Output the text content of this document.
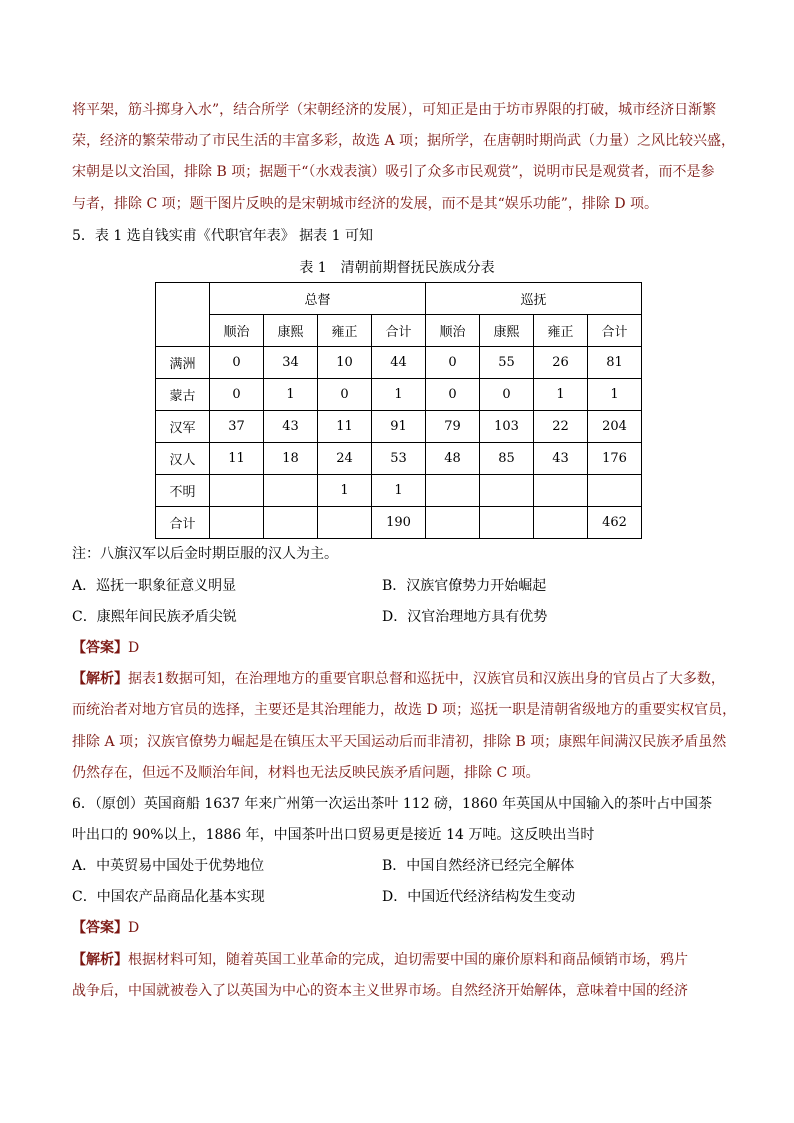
将平架，筋斗掷身入水”，结合所学（宋朝经济的发展），可知正是由于坊市界限的打破，城市经济日渐繁
荣，经济的繁荣带动了市民生活的丰富多彩，故选 A 项；据所学，在唐朝时期尚武（力量）之风比较兴盛，
宋朝是以文治国，排除 B 项；据题干“（水戏表演）吸引了众多市民观赏”，说明市民是观赏者，而不是参
与者，排除 C 项；题干图片反映的是宋朝城市经济的发展，而不是其“娱乐功能”，排除 D 项。
5．表 1 选自钱实甫《代职官年表》 据表 1 可知
表 1　清朝前期督抚民族成分表
	总督				巡抚			
	顺治	康熙	雍正	合计	顺治	康熙	雍正	合计
满洲	0	34	10	44	0	55	26	81
蒙古	0	1	0	1	0	0	1	1
汉军	37	43	11	91	79	103	22	204
汉人	11	18	24	53	48	85	43	176
不明			1	1				
合计				190				462
注：八旗汉军以后金时期臣服的汉人为主。
A．巡抚一职象征意义明显	B．汉族官僚势力开始崛起
C．康熙年间民族矛盾尖锐	D．汉官治理地方具有优势
【答案】D
【解析】据表1数据可知，在治理地方的重要官职总督和巡抚中，汉族官员和汉族出身的官员占了大多数，
而统治者对地方官员的选择，主要还是其治理能力，故选 D 项；巡抚一职是清朝省级地方的重要实权官员，
排除 A 项；汉族官僚势力崛起是在镇压太平天国运动后而非清初，排除 B 项；康熙年间满汉民族矛盾虽然
仍然存在，但远不及顺治年间，材料也无法反映民族矛盾问题，排除 C 项。
6．（原创）英国商船 1637 年来广州第一次运出茶叶 112 磅，1860 年英国从中国输入的茶叶占中国茶
叶出口的 90%以上，1886 年，中国茶叶出口贸易更是接近 14 万吨。这反映出当时
A．中英贸易中国处于优势地位	B．中国自然经济已经完全解体
C．中国农产品商品化基本实现	D．中国近代经济结构发生变动
【答案】D
【解析】根据材料可知，随着英国工业革命的完成，迫切需要中国的廉价原料和商品倾销市场，鸦片
战争后，中国就被卷入了以英国为中心的资本主义世界市场。自然经济开始解体，意味着中国的经济
